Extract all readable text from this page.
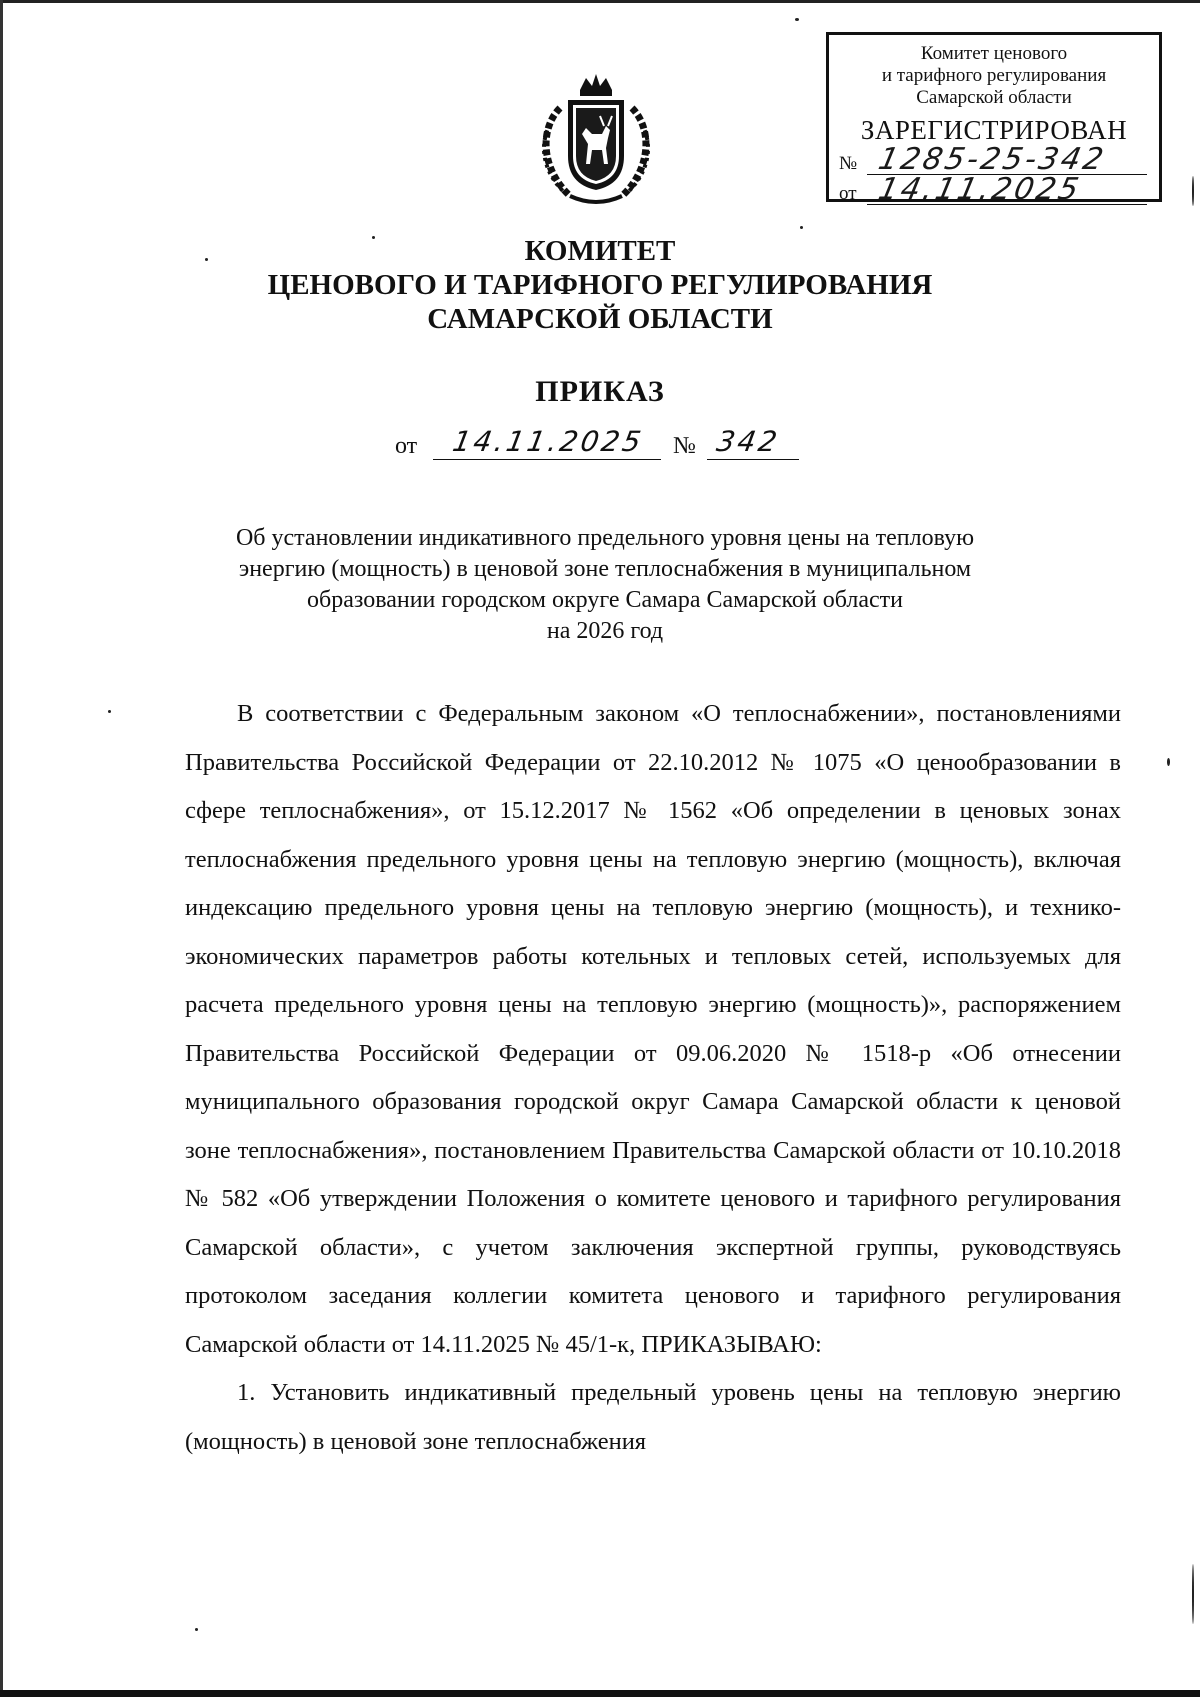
Комитет ценового
и тарифного регулирования
Самарской области
ЗАРЕГИСТРИРОВАН
№ 1285-25-342
от 14.11.2025
КОМИТЕТ
ЦЕНОВОГО И ТАРИФНОГО РЕГУЛИРОВАНИЯ
САМАРСКОЙ ОБЛАСТИ
ПРИКАЗ
от 14.11.2025 № 342
Об установлении индикативного предельного уровня цены на тепловую
энергию (мощность) в ценовой зоне теплоснабжения в муниципальном
образовании городском округе Самара Самарской области
на 2026 год

В соответствии с Федеральным законом «О теплоснабжении», постановлениями Правительства Российской Федерации от 22.10.2012 № 1075 «О ценообразовании в сфере теплоснабжения», от 15.12.2017 № 1562 «Об определении в ценовых зонах теплоснабжения предельного уровня цены на тепловую энергию (мощность), включая индексацию предельного уровня цены на тепловую энергию (мощность), и технико-экономических параметров работы котельных и тепловых сетей, используемых для расчета предельного уровня цены на тепловую энергию (мощность)», распоряжением Правительства Российской Федерации от 09.06.2020 № 1518-р «Об отнесении муниципального образования городской округ Самара Самарской области к ценовой зоне теплоснабжения», постановлением Правительства Самарской области от 10.10.2018 № 582 «Об утверждении Положения о комитете ценового и тарифного регулирования Самарской области», с учетом заключения экспертной группы, руководствуясь протоколом заседания коллегии комитета ценового и тарифного регулирования Самарской области от 14.11.2025 № 45/1-к, ПРИКАЗЫВАЮ:

1. Установить индикативный предельный уровень цены на тепловую энергию (мощность) в ценовой зоне теплоснабжения
